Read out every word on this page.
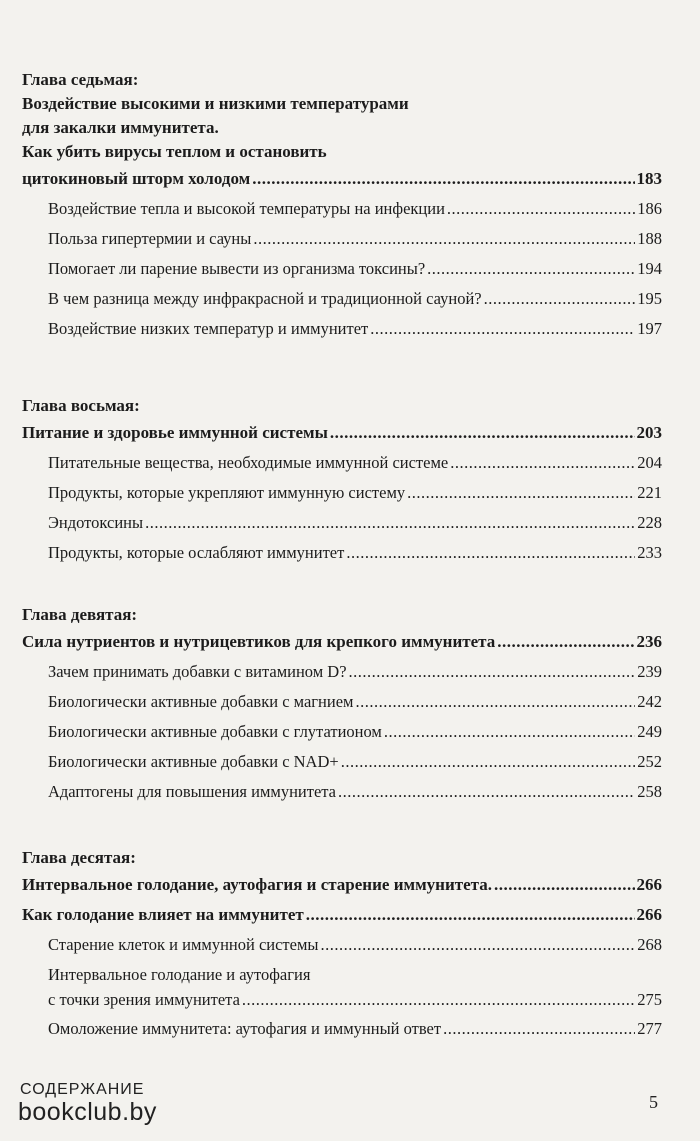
Глава седьмая:

Воздействие высокими и низкими температурами

для закалки иммунитета.

Как убить вирусы теплом и остановить

цитокиновый шторм холодом .....	183
Воздействие тепла и высокой температуры на инфекции .....	186
Польза гипертермии и сауны .....	188
Помогает ли парение вывести из организма токсины? .....	194
В чем разница между инфракрасной и традиционной сауной? .....	195
Воздействие низких температур и иммунитет .....	197

Глава восьмая:

Питание и здоровье иммунной системы .....	203
Питательные вещества, необходимые иммунной системе .....	204
Продукты, которые укрепляют иммунную систему .....	221
Эндотоксины .....	228
Продукты, которые ослабляют иммунитет .....	233

Глава девятая:

Сила нутриентов и нутрицевтиков для крепкого иммунитета .....	236
Зачем принимать добавки с витамином D? .....	239
Биологически активные добавки с магнием .....	242
Биологически активные добавки с глутатионом .....	249
Биологически активные добавки с NAD+ .....	252
Адаптогены для повышения иммунитета .....	258

Глава десятая:

Интервальное голодание, аутофагия и старение иммунитета. .....	266
Как голодание влияет на иммунитет .....	266
Старение клеток и иммунной системы .....	268
Интервальное голодание и аутофагия
с точки зрения иммунитета .....	275
Омоложение иммунитета: аутофагия и иммунный ответ .....	277
СОДЕРЖАНИЕ
bookclub.by	5
